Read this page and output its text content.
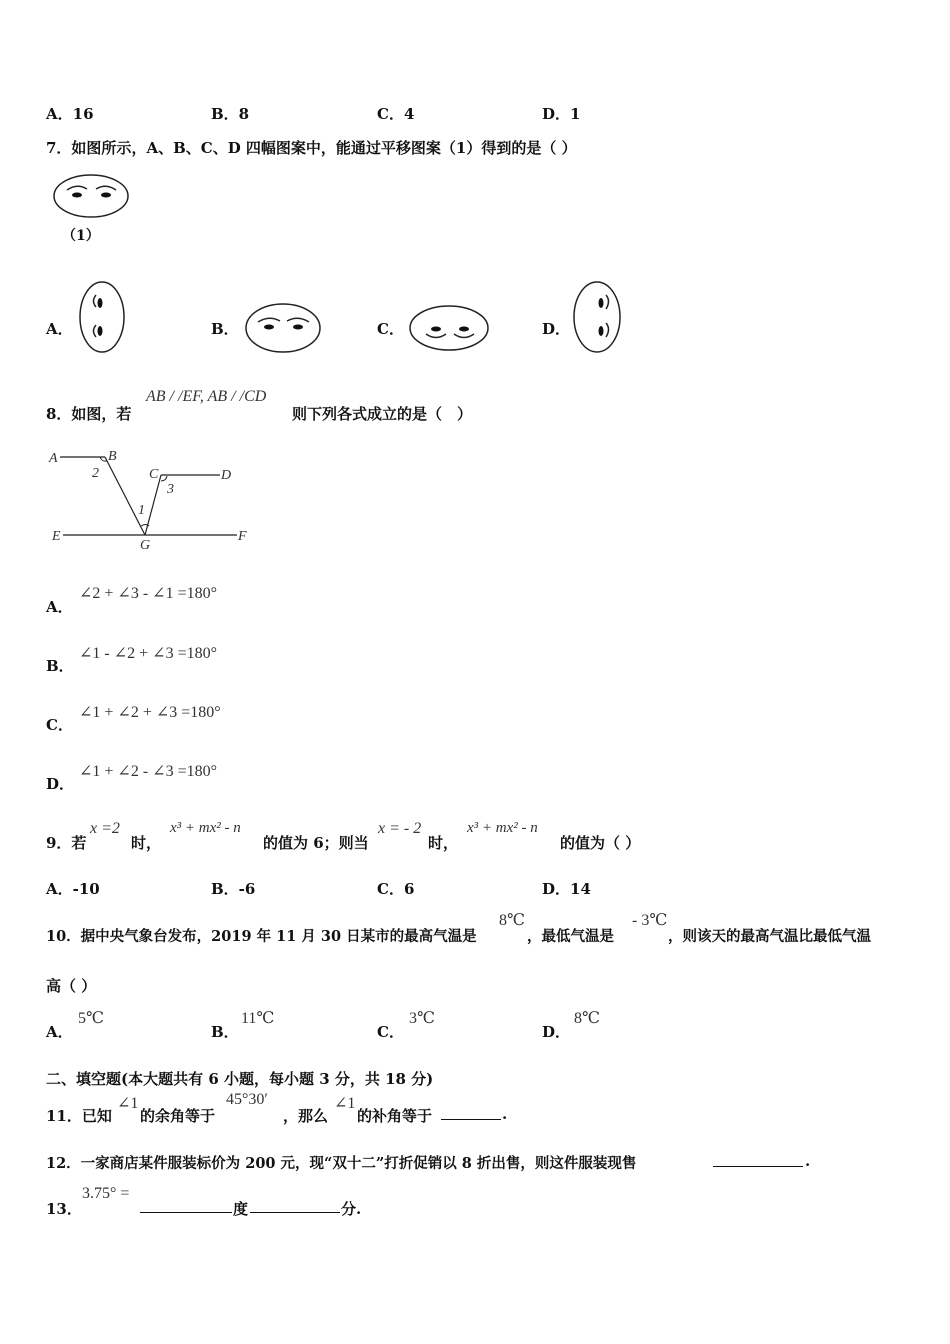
A．16	B．8	C．4	D．1
7．如图所示，A、B、C、D 四幅图案中，能通过平移图案（1）得到的是（ ）
（1）
A．	B．	C．	D．
8．如图，若
AB / /EF, AB / /CD
则下列各式成立的是（　）
A	B
2	C
3
D
1
E
G
F
A．
∠2 + ∠3 - ∠1 =180°
B．
∠1 - ∠2 + ∠3 =180°
C．
∠1 + ∠2 + ∠3 =180°
D．
∠1 + ∠2 - ∠3 =180°
9．若
x =2
时，
x³ + mx² - n
的值为 6；则当
x = - 2
时，
x³ + mx² - n
的值为（ ）
A．-10	B．-6	C．6	D．14
10．据中央气象台发布，2019 年 11 月 30 日某市的最高气温是
8℃
，最低气温是
- 3℃
，则该天的最高气温比最低气温
高（ ）
A．
5℃
B．
11℃
C．
3℃
D．
8℃
二、填空题(本大题共有 6 小题，每小题 3 分，共 18 分)
11．已知
∠1
的余角等于
45°30′
，那么
∠1
的补角等于	.
12．一家商店某件服装标价为 200 元，现“双十二”打折促销以 8 折出售，则这件服装现售	.
13．
3.75° =
度	分.
